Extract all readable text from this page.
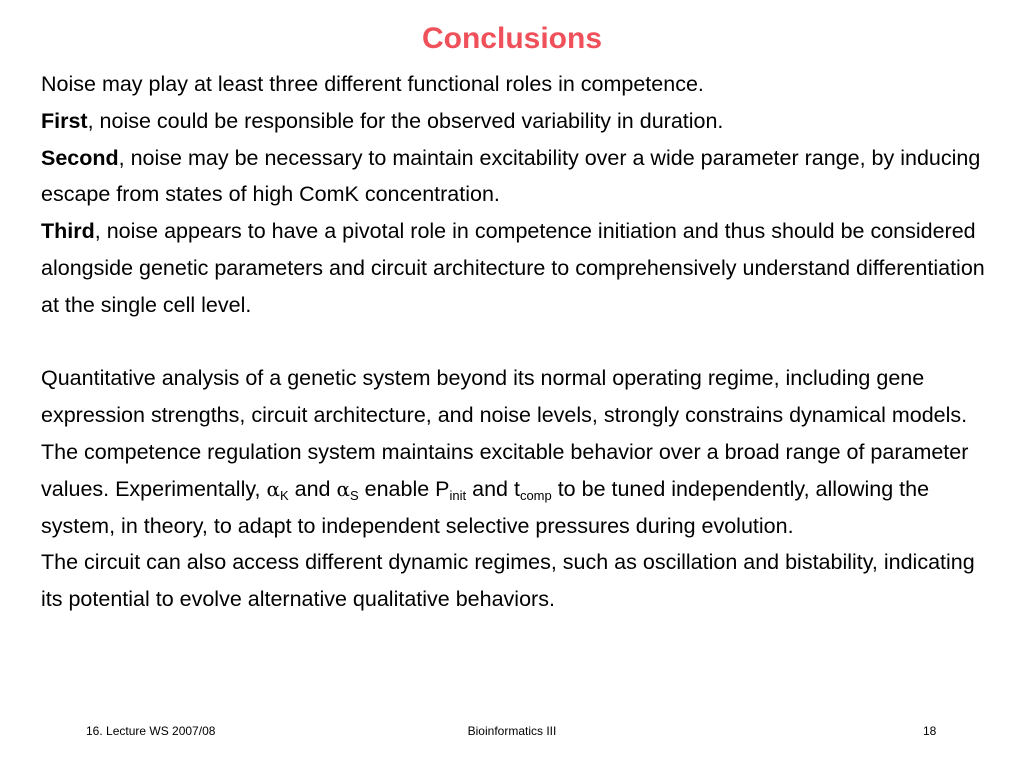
Conclusions

Noise may play at least three different functional roles in competence.

First, noise could be responsible for the observed variability in duration.

Second, noise may be necessary to maintain excitability over a wide parameter range, by inducing escape from states of high ComK concentration.

Third, noise appears to have a pivotal role in competence initiation and thus should be considered alongside genetic parameters and circuit architecture to comprehensively understand differentiation at the single cell level.

Quantitative analysis of a genetic system beyond its normal operating regime, including gene expression strengths, circuit architecture, and noise levels, strongly constrains dynamical models.

The competence regulation system maintains excitable behavior over a broad range of parameter values. Experimentally, $\alpha_K$ and $\alpha_S$ enable $P_{init}$ and $t_{comp}$ to be tuned independently, allowing the system, in theory, to adapt to independent selective pressures during evolution.

The circuit can also access different dynamic regimes, such as oscillation and bistability, indicating its potential to evolve alternative qualitative behaviors.

16. Lecture WS 2007/08	Bioinformatics III	18
